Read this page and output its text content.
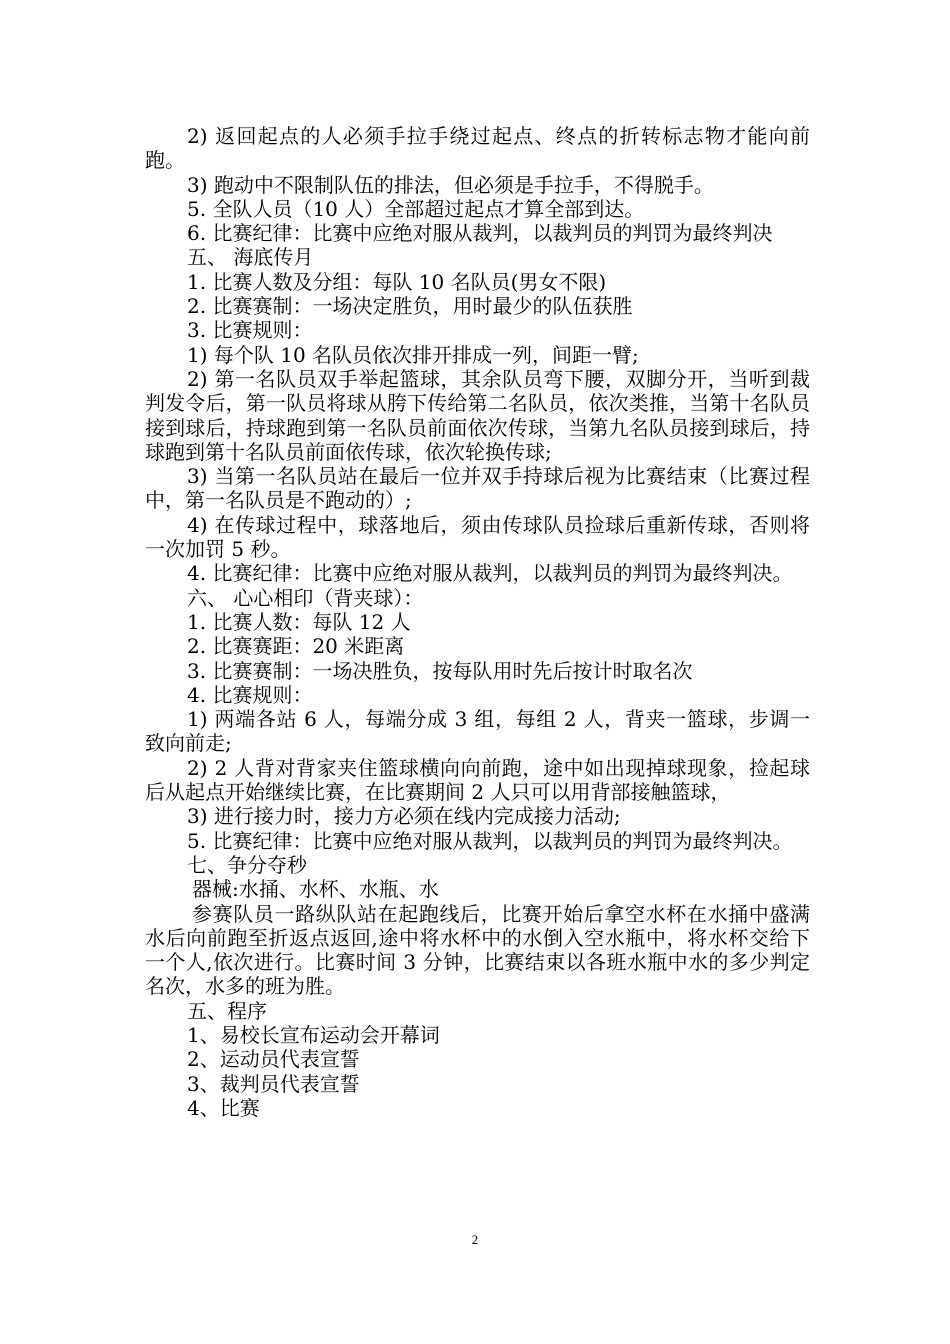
2) 返回起点的人必须手拉手绕过起点、终点的折转标志物才能向前跑。

3) 跑动中不限制队伍的排法，但必须是手拉手，不得脱手。

5. 全队人员（10 人）全部超过起点才算全部到达。

6. 比赛纪律：比赛中应绝对服从裁判，以裁判员的判罚为最终判决

五、 海底传月

1. 比赛人数及分组：每队 10 名队员(男女不限)

2. 比赛赛制：一场决定胜负，用时最少的队伍获胜

3. 比赛规则：

1) 每个队 10 名队员依次排开排成一列，间距一臂;

2) 第一名队员双手举起篮球，其余队员弯下腰，双脚分开，当听到裁判发令后，第一队员将球从胯下传给第二名队员，依次类推，当第十名队员接到球后，持球跑到第一名队员前面依次传球，当第九名队员接到球后，持球跑到第十名队员前面依传球，依次轮换传球;

3) 当第一名队员站在最后一位并双手持球后视为比赛结束（比赛过程中，第一名队员是不跑动的）;

4) 在传球过程中，球落地后，须由传球队员捡球后重新传球，否则将一次加罚 5 秒。

4. 比赛纪律：比赛中应绝对服从裁判，以裁判员的判罚为最终判决。

六、 心心相印（背夹球）：

1. 比赛人数：每队 12 人

2. 比赛赛距：20 米距离

3. 比赛赛制：一场决胜负，按每队用时先后按计时取名次

4. 比赛规则：

1) 两端各站 6 人，每端分成 3 组，每组 2 人，背夹一篮球，步调一致向前走;

2) 2 人背对背家夹住篮球横向向前跑，途中如出现掉球现象，捡起球后从起点开始继续比赛，在比赛期间 2 人只可以用背部接触篮球，

3) 进行接力时，接力方必须在线内完成接力活动;

5. 比赛纪律：比赛中应绝对服从裁判，以裁判员的判罚为最终判决。

七、争分夺秒

器械:水捅、水杯、水瓶、水

参赛队员一路纵队站在起跑线后，比赛开始后拿空水杯在水捅中盛满水后向前跑至折返点返回,途中将水杯中的水倒入空水瓶中，将水杯交给下一个人,依次进行。比赛时间 3 分钟，比赛结束以各班水瓶中水的多少判定名次，水多的班为胜。

五、程序

1、易校长宣布运动会开幕词

2、运动员代表宣誓

3、裁判员代表宣誓

4、比赛

2
